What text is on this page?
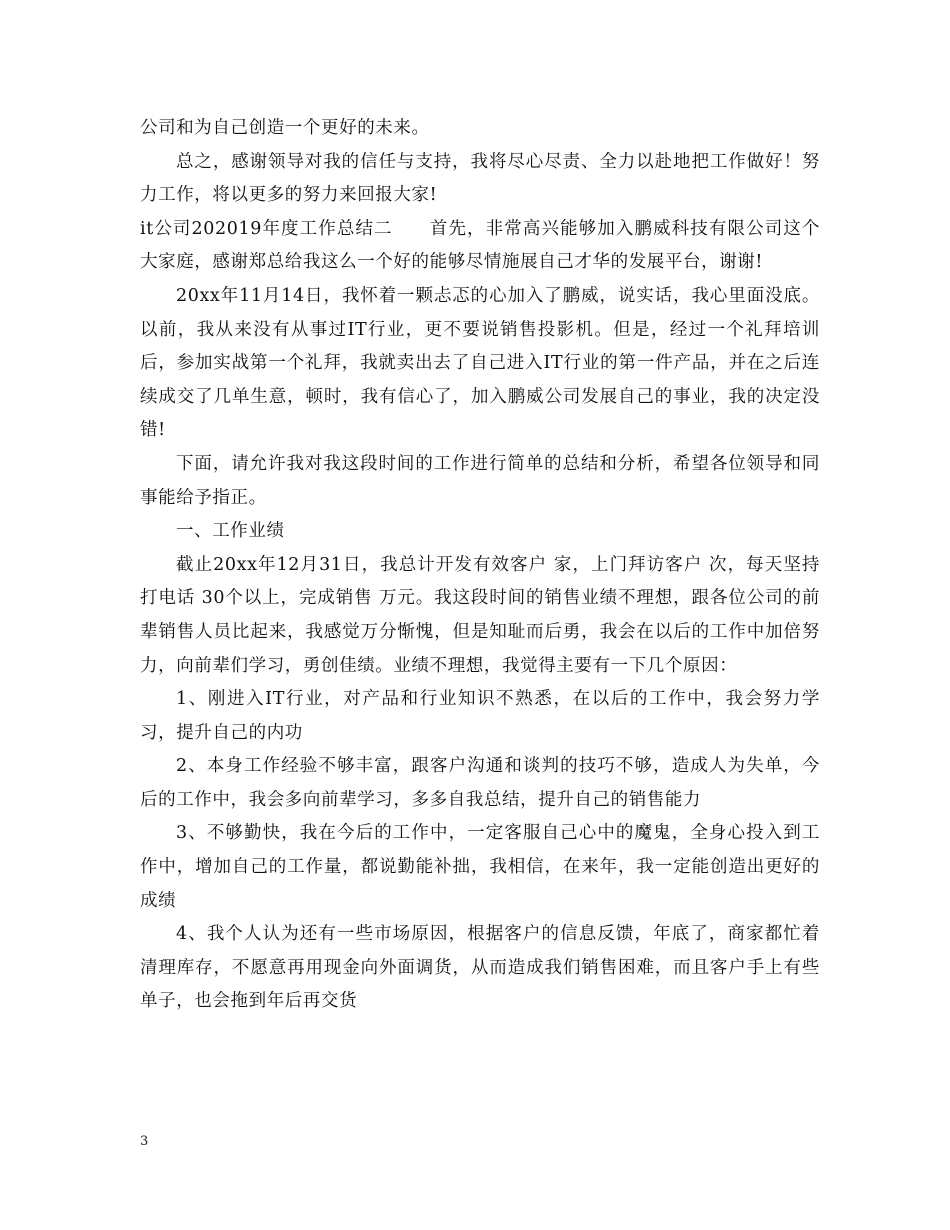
公司和为自己创造一个更好的未来。

总之，感谢领导对我的信任与支持，我将尽心尽责、全力以赴地把工作做好！努力工作，将以更多的努力来回报大家!

it公司202019年度工作总结二　　首先，非常高兴能够加入鹏威科技有限公司这个大家庭，感谢郑总给我这么一个好的能够尽情施展自己才华的发展平台，谢谢!

20xx年11月14日，我怀着一颗忐忑的心加入了鹏威，说实话，我心里面没底。以前，我从来没有从事过IT行业，更不要说销售投影机。但是，经过一个礼拜培训后，参加实战第一个礼拜，我就卖出去了自己进入IT行业的第一件产品，并在之后连续成交了几单生意，顿时，我有信心了，加入鹏威公司发展自己的事业，我的决定没错!

下面，请允许我对我这段时间的工作进行简单的总结和分析，希望各位领导和同事能给予指正。

一、工作业绩

截止20xx年12月31日，我总计开发有效客户 家，上门拜访客户 次，每天坚持打电话 30个以上，完成销售 万元。我这段时间的销售业绩不理想，跟各位公司的前辈销售人员比起来，我感觉万分惭愧，但是知耻而后勇，我会在以后的工作中加倍努力，向前辈们学习，勇创佳绩。业绩不理想，我觉得主要有一下几个原因：

1、刚进入IT行业，对产品和行业知识不熟悉，在以后的工作中，我会努力学习，提升自己的内功

2、本身工作经验不够丰富，跟客户沟通和谈判的技巧不够，造成人为失单，今后的工作中，我会多向前辈学习，多多自我总结，提升自己的销售能力

3、不够勤快，我在今后的工作中，一定客服自己心中的魔鬼，全身心投入到工作中，增加自己的工作量，都说勤能补拙，我相信，在来年，我一定能创造出更好的成绩

4、我个人认为还有一些市场原因，根据客户的信息反馈，年底了，商家都忙着清理库存，不愿意再用现金向外面调货，从而造成我们销售困难，而且客户手上有些单子，也会拖到年后再交货

3
